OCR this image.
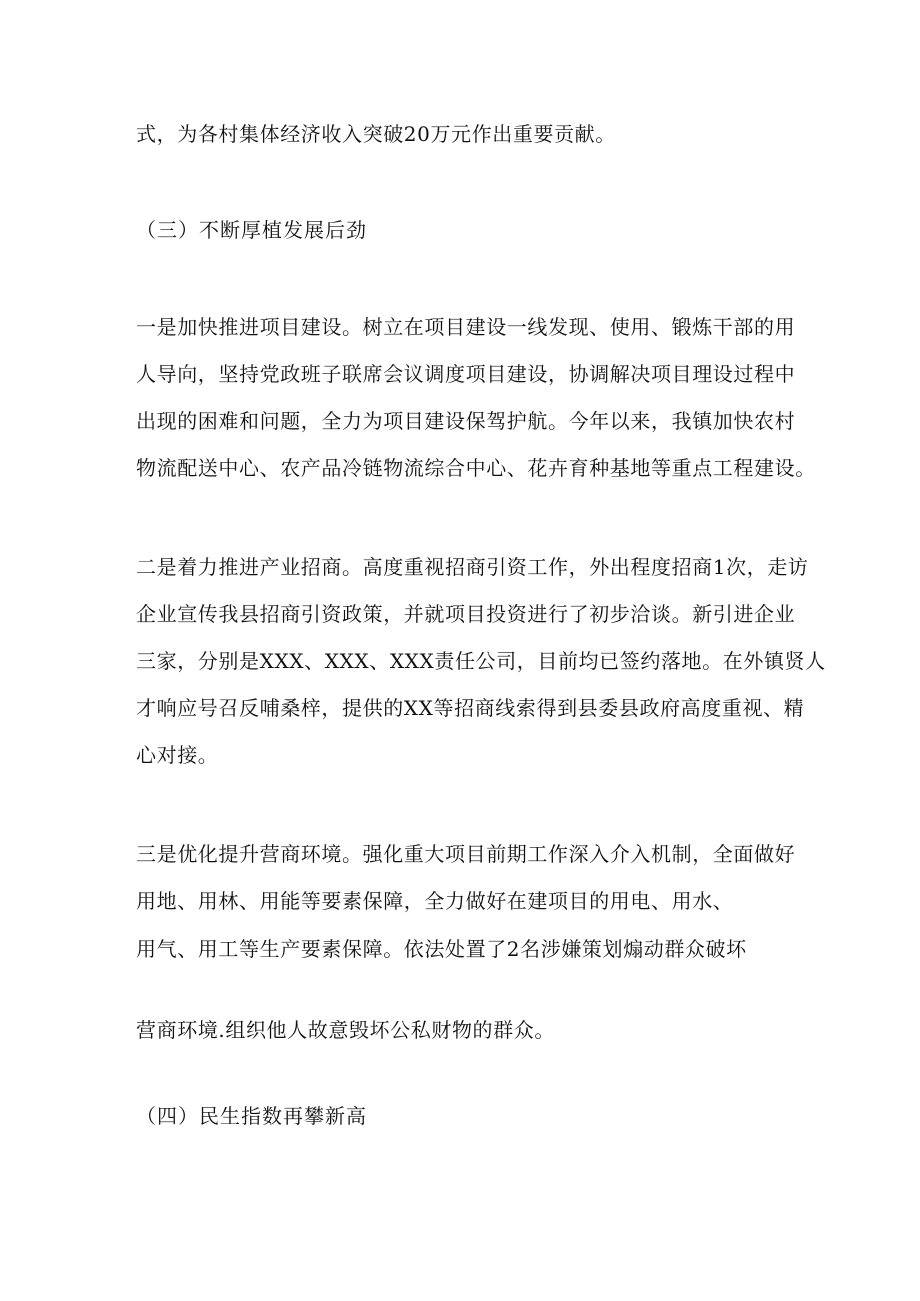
式，为各村集体经济收入突破20万元作出重要贡献。
（三）不断厚植发展后劲
一是加快推进项目建设。树立在项目建设一线发现、使用、锻炼干部的用
人导向，坚持党政班子联席会议调度项目建设，协调解决项目理设过程中
出现的困难和问题，全力为项目建设保驾护航。今年以来，我镇加快农村
物流配送中心、农产品冷链物流综合中心、花卉育种基地等重点工程建设。
二是着力推进产业招商。高度重视招商引资工作，外出程度招商1次，走访
企业宣传我县招商引资政策，并就项目投资进行了初步洽谈。新引进企业
三家，分别是XXX、XXX、XXX责任公司，目前均已签约落地。在外镇贤人
才响应号召反哺桑梓，提供的XX等招商线索得到县委县政府高度重视、精
心对接。
三是优化提升营商环境。强化重大项目前期工作深入介入机制，全面做好
用地、用林、用能等要素保障，全力做好在建项目的用电、用水、
用气、用工等生产要素保障。依法处置了2名涉嫌策划煽动群众破坏
营商环境.组织他人故意毁坏公私财物的群众。
（四）民生指数再攀新高
